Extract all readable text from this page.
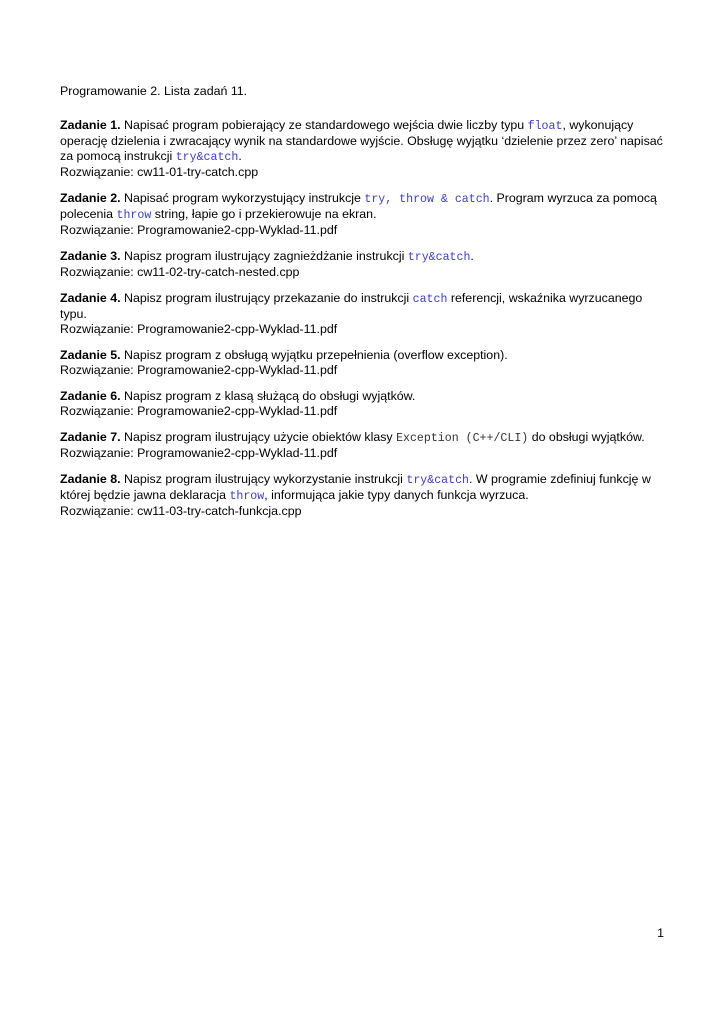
Programowanie 2. Lista zadań 11.

Zadanie 1. Napisać program pobierający ze standardowego wejścia dwie liczby typu float, wykonujący operację dzielenia i zwracający wynik na standardowe wyjście. Obsługę wyjątku ‘dzielenie przez zero’ napisać za pomocą instrukcji try&catch.

Rozwiązanie: cw11-01-try-catch.cpp

Zadanie 2. Napisać program wykorzystujący instrukcje try, throw & catch. Program wyrzuca za pomocą polecenia throw string, łapie go i przekierowuje na ekran.

Rozwiązanie: Programowanie2-cpp-Wyklad-11.pdf

Zadanie 3. Napisz program ilustrujący zagnieżdżanie instrukcji try&catch.

Rozwiązanie: cw11-02-try-catch-nested.cpp

Zadanie 4. Napisz program ilustrujący przekazanie do instrukcji catch referencji, wskaźnika wyrzucanego typu.

Rozwiązanie: Programowanie2-cpp-Wyklad-11.pdf

Zadanie 5. Napisz program z obsługą wyjątku przepełnienia (overflow exception).

Rozwiązanie: Programowanie2-cpp-Wyklad-11.pdf

Zadanie 6. Napisz program z klasą służącą do obsługi wyjątków.

Rozwiązanie: Programowanie2-cpp-Wyklad-11.pdf

Zadanie 7. Napisz program ilustrujący użycie obiektów klasy Exception (C++/CLI) do obsługi wyjątków.

Rozwiązanie: Programowanie2-cpp-Wyklad-11.pdf

Zadanie 8. Napisz program ilustrujący wykorzystanie instrukcji try&catch. W programie zdefiniuj funkcję w której będzie jawna deklaracja throw, informująca jakie typy danych funkcja wyrzuca.

Rozwiązanie: cw11-03-try-catch-funkcja.cpp

1
